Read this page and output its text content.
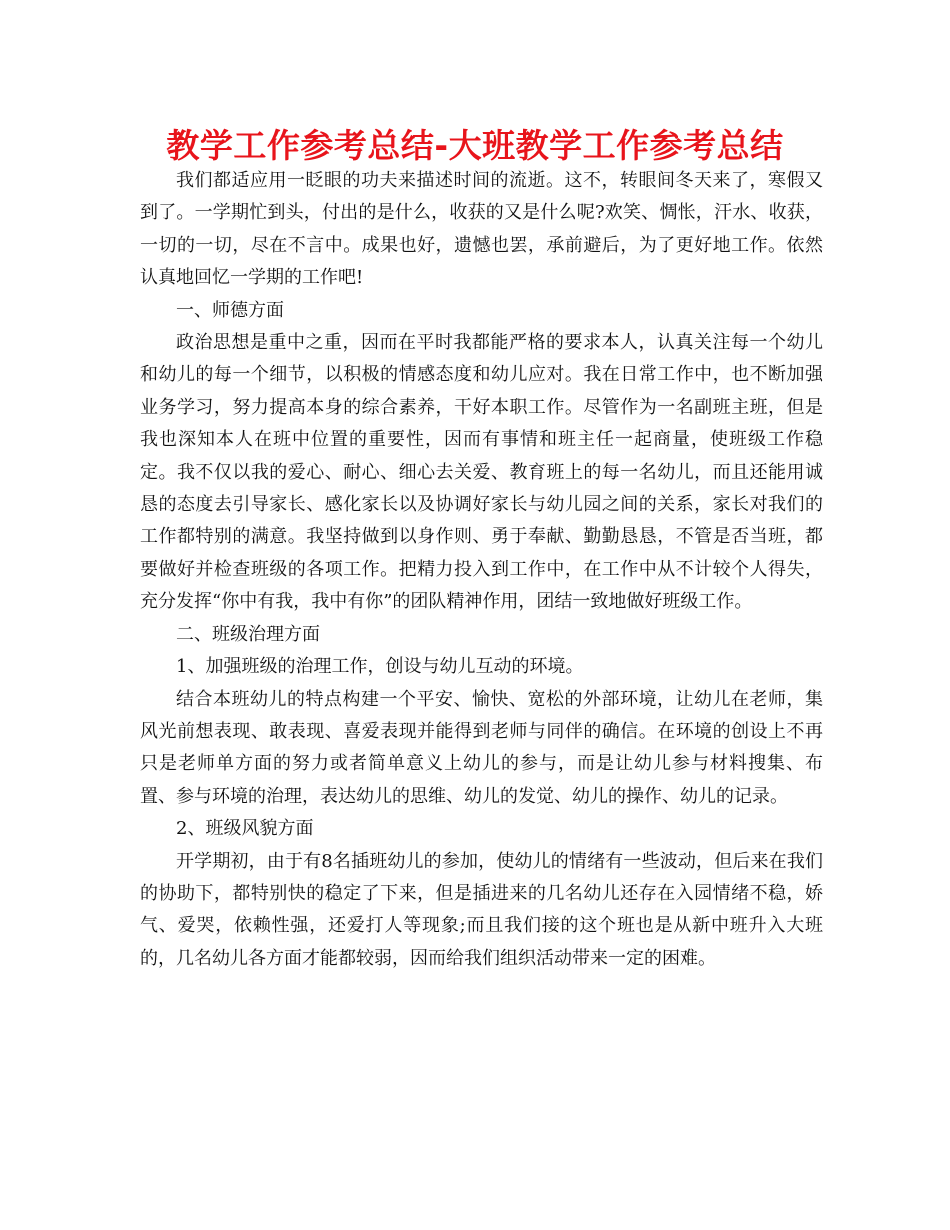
教学工作参考总结-大班教学工作参考总结

我们都适应用一眨眼的功夫来描述时间的流逝。这不，转眼间冬天来了，寒假又到了。一学期忙到头，付出的是什么，收获的又是什么呢?欢笑、惆怅，汗水、收获，一切的一切，尽在不言中。成果也好，遗憾也罢，承前避后，为了更好地工作。依然认真地回忆一学期的工作吧!

一、师德方面

政治思想是重中之重，因而在平时我都能严格的要求本人，认真关注每一个幼儿和幼儿的每一个细节，以积极的情感态度和幼儿应对。我在日常工作中，也不断加强业务学习，努力提高本身的综合素养，干好本职工作。尽管作为一名副班主班，但是我也深知本人在班中位置的重要性，因而有事情和班主任一起商量，使班级工作稳定。我不仅以我的爱心、耐心、细心去关爱、教育班上的每一名幼儿，而且还能用诚恳的态度去引导家长、感化家长以及协调好家长与幼儿园之间的关系，家长对我们的工作都特别的满意。我坚持做到以身作则、勇于奉献、勤勤恳恳，不管是否当班，都要做好并检查班级的各项工作。把精力投入到工作中，在工作中从不计较个人得失，充分发挥“你中有我，我中有你”的团队精神作用，团结一致地做好班级工作。

二、班级治理方面

1、加强班级的治理工作，创设与幼儿互动的环境。

结合本班幼儿的特点构建一个平安、愉快、宽松的外部环境，让幼儿在老师，集风光前想表现、敢表现、喜爱表现并能得到老师与同伴的确信。在环境的创设上不再只是老师单方面的努力或者简单意义上幼儿的参与，而是让幼儿参与材料搜集、布置、参与环境的治理，表达幼儿的思维、幼儿的发觉、幼儿的操作、幼儿的记录。

2、班级风貌方面

开学期初，由于有8名插班幼儿的参加，使幼儿的情绪有一些波动，但后来在我们的协助下，都特别快的稳定了下来，但是插进来的几名幼儿还存在入园情绪不稳，娇气、爱哭，依赖性强，还爱打人等现象;而且我们接的这个班也是从新中班升入大班的，几名幼儿各方面才能都较弱，因而给我们组织活动带来一定的困难。
